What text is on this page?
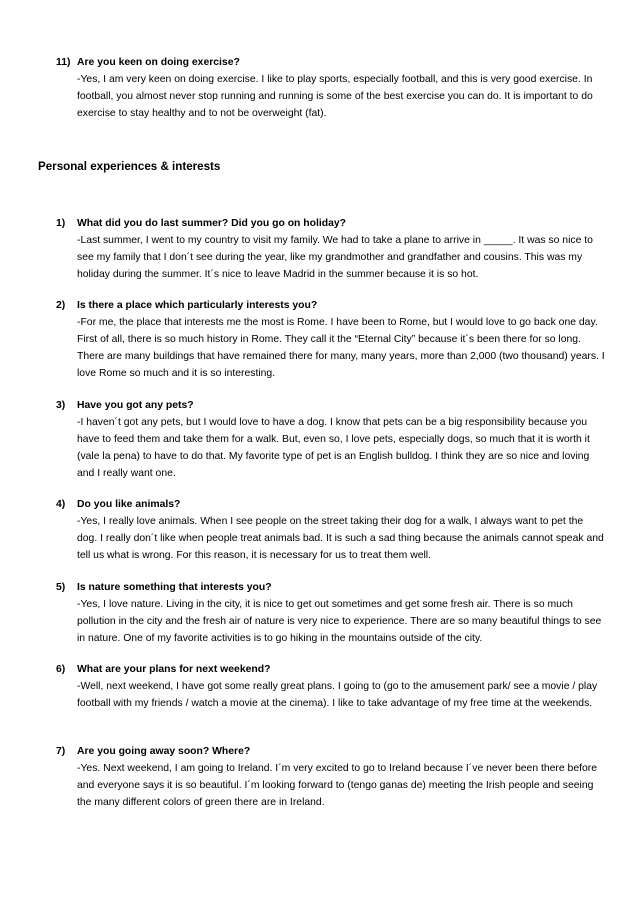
11) Are you keen on doing exercise?
-Yes, I am very keen on doing exercise. I like to play sports, especially football, and this is very good exercise. In football, you almost never stop running and running is some of the best exercise you can do. It is important to do exercise to stay healthy and to not be overweight (fat).
Personal experiences & interests
1) What did you do last summer? Did you go on holiday?
-Last summer, I went to my country to visit my family. We had to take a plane to arrive in _____. It was so nice to see my family that I don´t see during the year, like my grandmother and grandfather and cousins. This was my holiday during the summer. It´s nice to leave Madrid in the summer because it is so hot.
2) Is there a place which particularly interests you?
-For me, the place that interests me the most is Rome. I have been to Rome, but I would love to go back one day. First of all, there is so much history in Rome. They call it the “Eternal City” because it´s been there for so long. There are many buildings that have remained there for many, many years, more than 2,000 (two thousand) years. I love Rome so much and it is so interesting.
3) Have you got any pets?
-I haven´t got any pets, but I would love to have a dog. I know that pets can be a big responsibility because you have to feed them and take them for a walk. But, even so, I love pets, especially dogs, so much that it is worth it (vale la pena) to have to do that. My favorite type of pet is an English bulldog. I think they are so nice and loving and I really want one.
4) Do you like animals?
-Yes, I really love animals. When I see people on the street taking their dog for a walk, I always want to pet the dog. I really don´t like when people treat animals bad. It is such a sad thing because the animals cannot speak and tell us what is wrong. For this reason, it is necessary for us to treat them well.
5) Is nature something that interests you?
-Yes, I love nature. Living in the city, it is nice to get out sometimes and get some fresh air. There is so much pollution in the city and the fresh air of nature is very nice to experience. There are so many beautiful things to see in nature. One of my favorite activities is to go hiking in the mountains outside of the city.
6) What are your plans for next weekend?
-Well, next weekend, I have got some really great plans. I going to (go to the amusement park/ see a movie / play football with my friends / watch a movie at the cinema). I like to take advantage of my free time at the weekends.
7) Are you going away soon? Where?
-Yes. Next weekend, I am going to Ireland. I´m very excited to go to Ireland because I´ve never been there before and everyone says it is so beautiful. I´m looking forward to (tengo ganas de) meeting the Irish people and seeing the many different colors of green there are in Ireland.
